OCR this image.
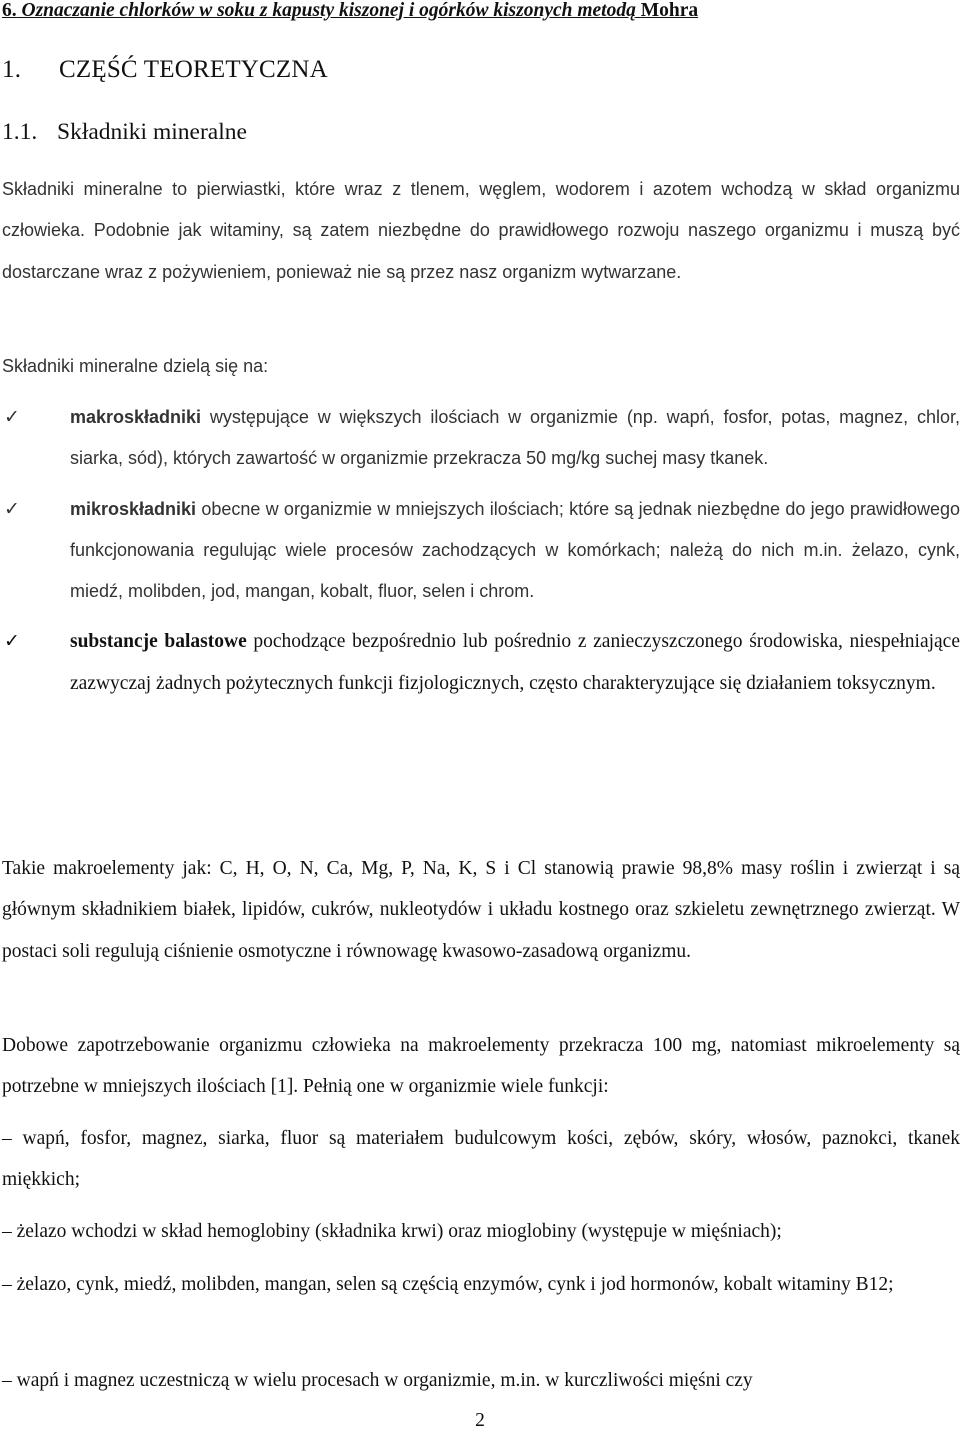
6. Oznaczanie chlorków w soku z kapusty kiszonej i ogórków kiszonych metodą Mohra
1. CZĘŚĆ TEORETYCZNA
1.1. Składniki mineralne

Składniki mineralne to pierwiastki, które wraz z tlenem, węglem, wodorem i azotem wchodzą w skład organizmu człowieka. Podobnie jak witaminy, są zatem niezbędne do prawidłowego rozwoju naszego organizmu i muszą być dostarczane wraz z pożywieniem, ponieważ nie są przez nasz organizm wytwarzane.

Składniki mineralne dzielą się na:

✓	makroskładniki występujące w większych ilościach w organizmie (np. wapń, fosfor, potas, magnez, chlor, siarka, sód), których zawartość w organizmie przekracza 50 mg/kg suchej masy tkanek.
✓	mikroskładniki obecne w organizmie w mniejszych ilościach; które są jednak niezbędne do jego prawidłowego funkcjonowania regulując wiele procesów zachodzących w komórkach; należą do nich m.in. żelazo, cynk, miedź, molibden, jod, mangan, kobalt, fluor, selen i chrom.
✓	substancje balastowe pochodzące bezpośrednio lub pośrednio z zanieczyszczonego środowiska, niespełniające zazwyczaj żadnych pożytecznych funkcji fizjologicznych, często charakteryzujące się działaniem toksycznym.

Takie makroelementy jak: C, H, O, N, Ca, Mg, P, Na, K, S i Cl stanowią prawie 98,8% masy roślin i zwierząt i są głównym składnikiem białek, lipidów, cukrów, nukleotydów i układu kostnego oraz szkieletu zewnętrznego zwierząt. W postaci soli regulują ciśnienie osmotyczne i równowagę kwasowo-zasadową organizmu.

Dobowe zapotrzebowanie organizmu człowieka na makroelementy przekracza 100 mg, natomiast mikroelementy są potrzebne w mniejszych ilościach [1]. Pełnią one w organizmie wiele funkcji:

– wapń, fosfor, magnez, siarka, fluor są materiałem budulcowym kości, zębów, skóry, włosów, paznokci, tkanek miękkich;

– żelazo wchodzi w skład hemoglobiny (składnika krwi) oraz mioglobiny (występuje w mięśniach);

– żelazo, cynk, miedź, molibden, mangan, selen są częścią enzymów, cynk i jod hormonów, kobalt witaminy B12;

– wapń i magnez uczestniczą w wielu procesach w organizmie, m.in. w kurczliwości mięśni czy

2
